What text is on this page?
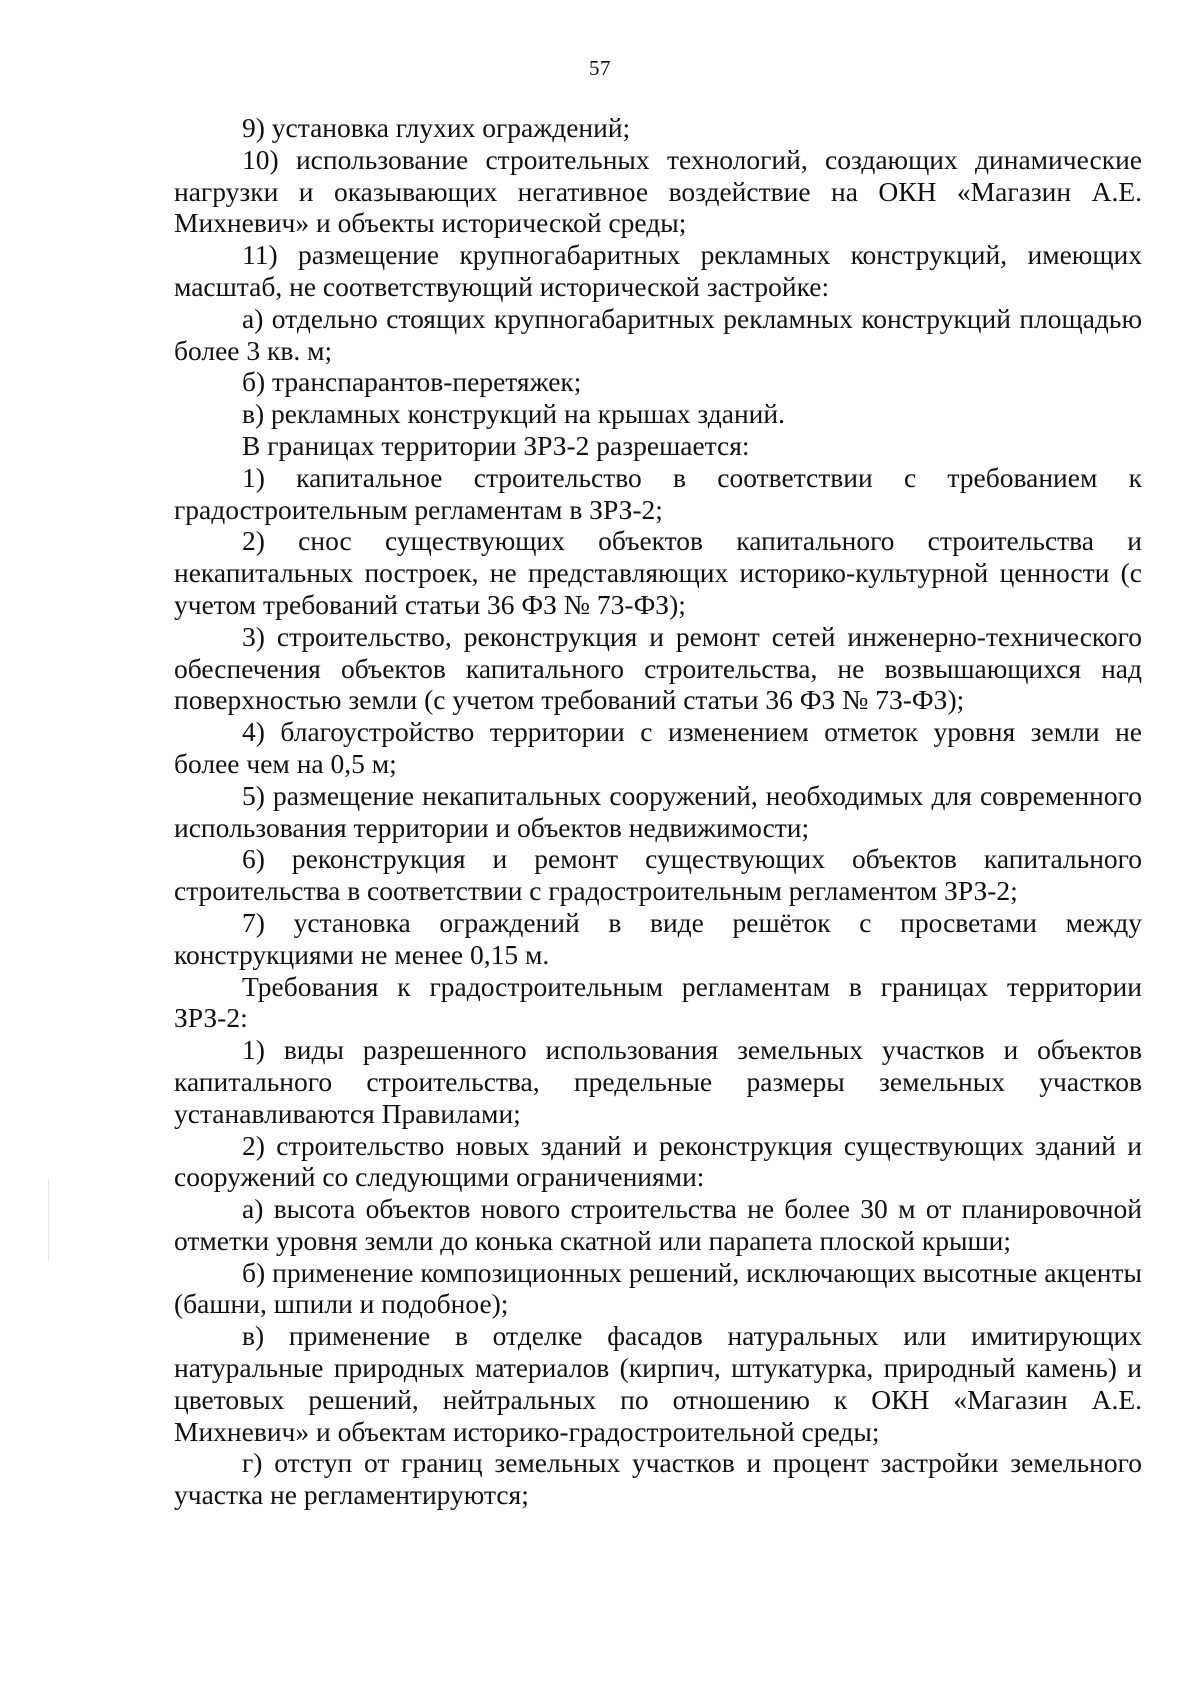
57

9) установка глухих ограждений;

10) использование строительных технологий, создающих динамические нагрузки и оказывающих негативное воздействие на ОКН «Магазин А.Е. Михневич» и объекты исторической среды;

11) размещение крупногабаритных рекламных конструкций, имеющих масштаб, не соответствующий исторической застройке:

а) отдельно стоящих крупногабаритных рекламных конструкций площадью более 3 кв. м;

б) транспарантов-перетяжек;

в) рекламных конструкций на крышах зданий.

В границах территории ЗРЗ-2 разрешается:

1) капитальное строительство в соответствии с требованием к градостроительным регламентам в ЗРЗ-2;

2) снос существующих объектов капитального строительства и некапитальных построек, не представляющих историко-культурной ценности (с учетом требований статьи 36 ФЗ № 73-ФЗ);

3) строительство, реконструкция и ремонт сетей инженерно-технического обеспечения объектов капитального строительства, не возвышающихся над поверхностью земли (с учетом требований статьи 36 ФЗ № 73-ФЗ);

4) благоустройство территории с изменением отметок уровня земли не более чем на 0,5 м;

5) размещение некапитальных сооружений, необходимых для современного использования территории и объектов недвижимости;

6) реконструкция и ремонт существующих объектов капитального строительства в соответствии с градостроительным регламентом ЗРЗ-2;

7) установка ограждений в виде решёток с просветами между конструкциями не менее 0,15 м.

Требования к градостроительным регламентам в границах территории ЗРЗ-2:

1) виды разрешенного использования земельных участков и объектов капитального строительства, предельные размеры земельных участков устанавливаются Правилами;

2) строительство новых зданий и реконструкция существующих зданий и сооружений со следующими ограничениями:

а) высота объектов нового строительства не более 30 м от планировочной отметки уровня земли до конька скатной или парапета плоской крыши;

б) применение композиционных решений, исключающих высотные акценты (башни, шпили и подобное);

в) применение в отделке фасадов натуральных или имитирующих натуральные природных материалов (кирпич, штукатурка, природный камень) и цветовых решений, нейтральных по отношению к ОКН «Магазин А.Е. Михневич» и объектам историко-градостроительной среды;

г) отступ от границ земельных участков и процент застройки земельного участка не регламентируются;
